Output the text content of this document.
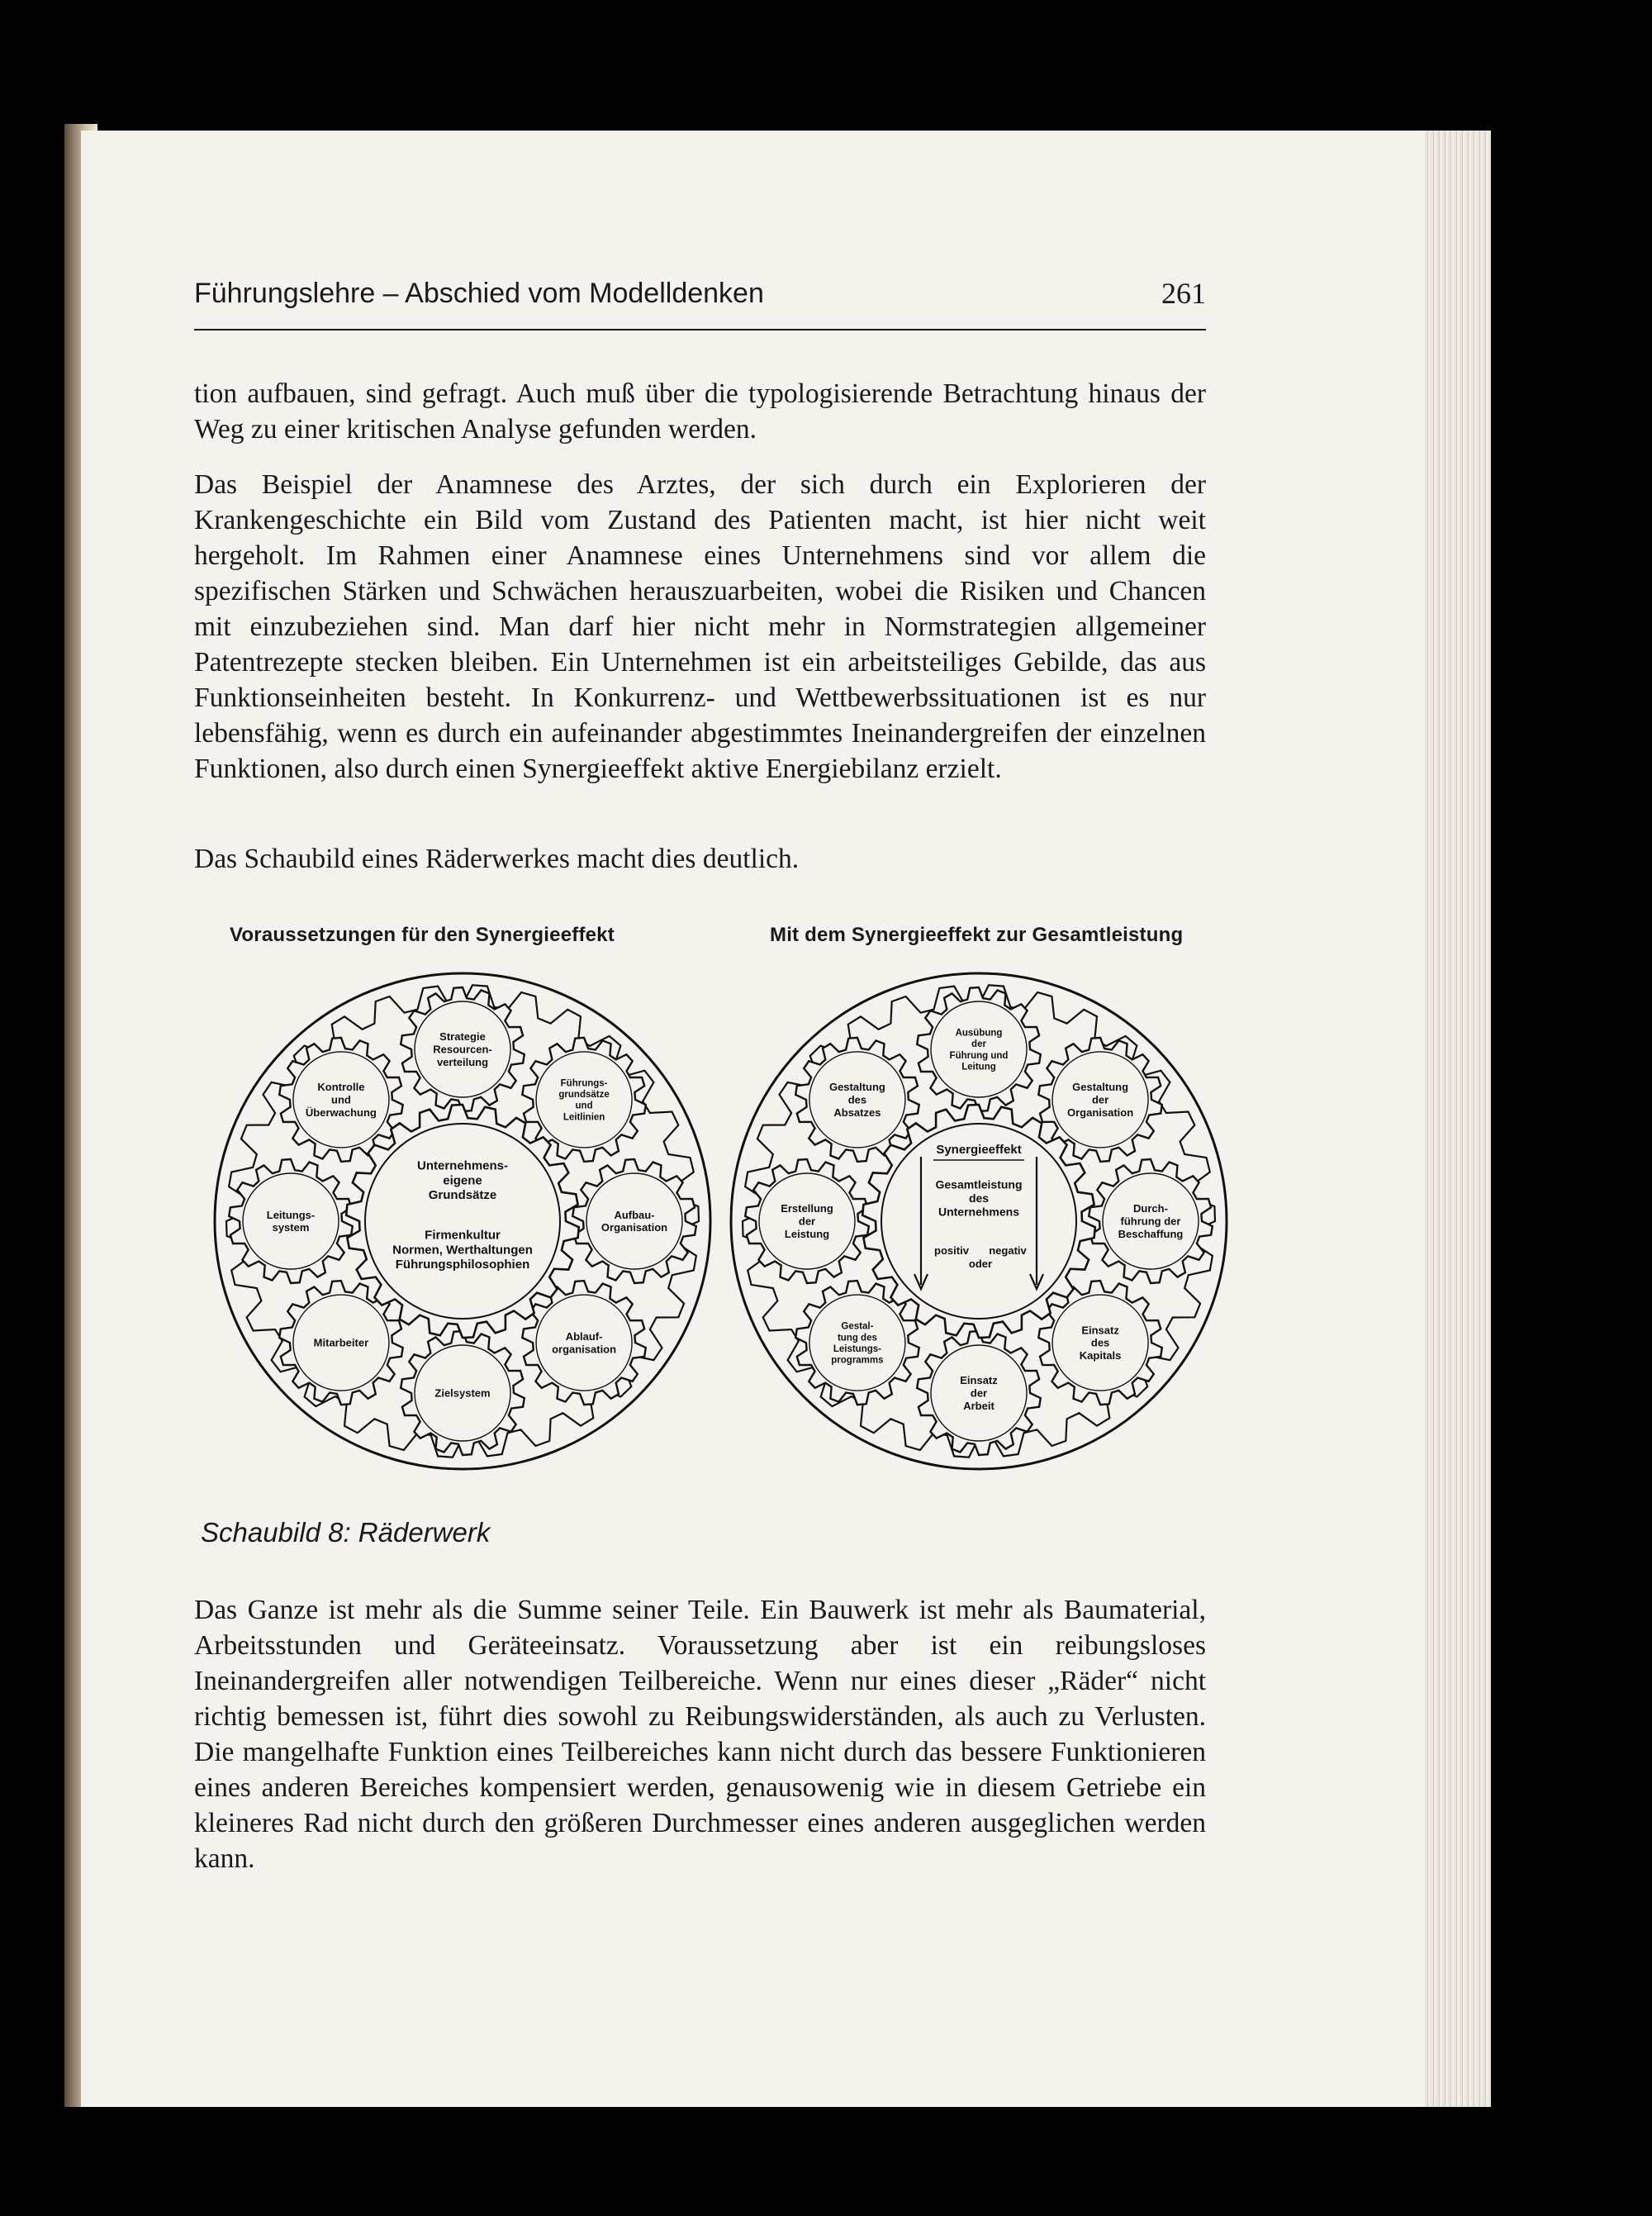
Führungslehre – Abschied vom Modelldenken	261

tion aufbauen, sind gefragt. Auch muß über die typologisierende Betrachtung hinaus der Weg zu einer kritischen Analyse gefunden werden.

Das Beispiel der Anamnese des Arztes, der sich durch ein Explorieren der Krankengeschichte ein Bild vom Zustand des Patienten macht, ist hier nicht weit hergeholt. Im Rahmen einer Anamnese eines Unternehmens sind vor allem die spezifischen Stärken und Schwächen herauszuarbeiten, wobei die Risiken und Chancen mit einzubeziehen sind. Man darf hier nicht mehr in Normstrategien allgemeiner Patentrezepte stecken bleiben. Ein Unternehmen ist ein arbeitsteiliges Gebilde, das aus Funktionseinheiten besteht. In Konkurrenz- und Wettbewerbssituationen ist es nur lebensfähig, wenn es durch ein aufeinander abgestimmtes Ineinandergreifen der einzelnen Funktionen, also durch einen Synergieeffekt aktive Energiebilanz erzielt.

Das Schaubild eines Räderwerkes macht dies deutlich.

Voraussetzungen für den Synergieeffekt	Mit dem Synergieeffekt zur Gesamtleistung
Strategie Resourcen-verteilung
Führungs-grundsätze und Leitlinien
Aufbau-Organisation
Ablauf-organisation
Zielsystem
Mitarbeiter
Leitungs-system
Kontrolle und Überwachung
Unternehmens-eigene Grundsätze
Firmenkultur Normen, Werthaltungen Führungsphilosophien
Ausübung der Führung und Leitung
Gestaltung der Organisation
Durch-führung der Beschaffung
Einsatz des Kapitals
Einsatz der Arbeit
Gestal-tung des Leistungs-programms
Erstellung der Leistung
Gestaltung des Absatzes
Synergieeffekt
Gesamtleistung des Unternehmens
positiv negativ
oder
Schaubild 8: Räderwerk

Das Ganze ist mehr als die Summe seiner Teile. Ein Bauwerk ist mehr als Baumaterial, Arbeitsstunden und Geräteeinsatz. Voraussetzung aber ist ein reibungsloses Ineinandergreifen aller notwendigen Teilbereiche. Wenn nur eines dieser „Räder“ nicht richtig bemessen ist, führt dies sowohl zu Reibungswiderständen, als auch zu Verlusten. Die mangelhafte Funktion eines Teilbereiches kann nicht durch das bessere Funktionieren eines anderen Bereiches kompensiert werden, genausowenig wie in diesem Getriebe ein kleineres Rad nicht durch den größeren Durchmesser eines anderen ausgeglichen werden kann.
